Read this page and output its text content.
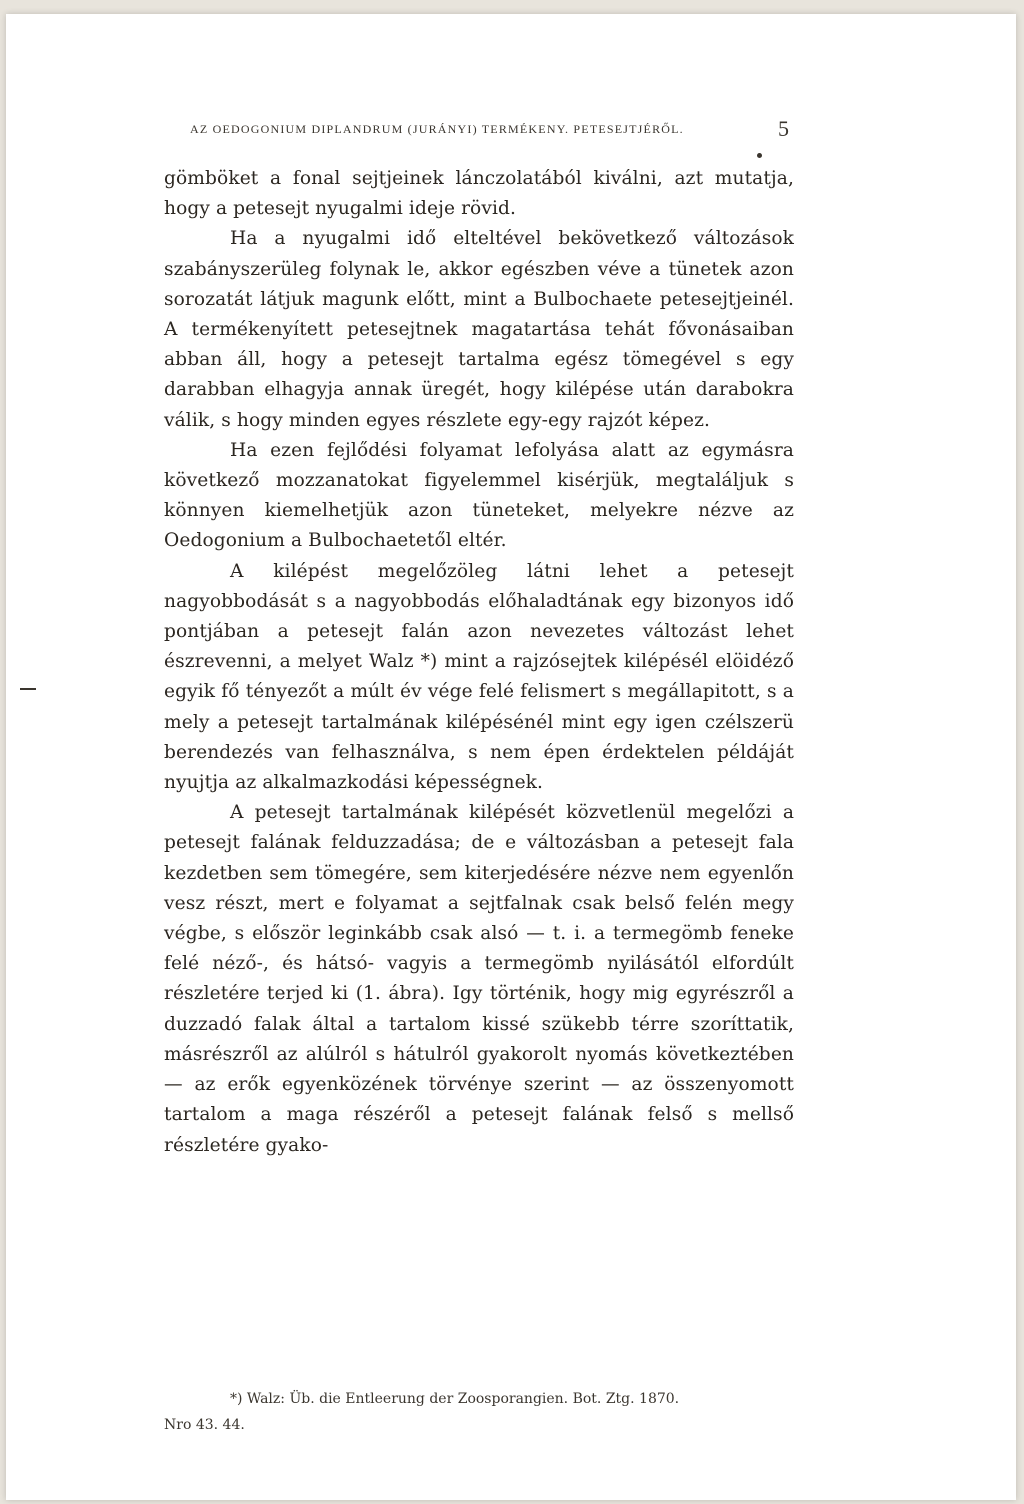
AZ OEDOGONIUM DIPLANDRUM (JURÁNYI) TERMÉKENY. PETESEJTJÉRŐL.	5

gömböket a fonal sejtjeinek lánczolatából kiválni, azt mutatja, hogy a petesejt nyugalmi ideje rövid.

Ha a nyugalmi idő elteltével bekövetkező változások szabányszerüleg folynak le, akkor egészben véve a tünetek azon sorozatát látjuk magunk előtt, mint a Bulbochaete petesejtjeinél. A termékenyített petesejtnek magatartása tehát fővonásaiban abban áll, hogy a petesejt tartalma egész tömegével s egy darabban elhagyja annak üregét, hogy kilépése után darabokra válik, s hogy minden egyes részlete egy-egy rajzót képez.

Ha ezen fejlődési folyamat lefolyása alatt az egymásra következő mozzanatokat figyelemmel kisérjük, megtaláljuk s könnyen kiemelhetjük azon tüneteket, melyekre nézve az Oedogonium a Bulbochaetetől eltér.

A kilépést megelőzöleg látni lehet a petesejt nagyobbodását s a nagyobbodás előhaladtának egy bizonyos idő pontjában a petesejt falán azon nevezetes változást lehet észrevenni, a melyet Walz *) mint a rajzósejtek kilépésél elöidéző egyik fő tényezőt a múlt év vége felé felismert s megállapitott, s a mely a petesejt tartalmának kilépésénél mint egy igen czélszerü berendezés van felhasználva, s nem épen érdektelen példáját nyujtja az alkalmazkodási képességnek.

A petesejt tartalmának kilépését közvetlenül megelőzi a petesejt falának felduzzadása; de e változásban a petesejt fala kezdetben sem tömegére, sem kiterjedésére nézve nem egyenlőn vesz részt, mert e folyamat a sejtfalnak csak belső felén megy végbe, s először leginkább csak alsó — t. i. a termegömb feneke felé néző-, és hátsó- vagyis a termegömb nyilásától elfordúlt részletére terjed ki (1. ábra). Igy történik, hogy mig egyrészről a duzzadó falak által a tartalom kissé szükebb térre szoríttatik, másrészről az alúlról s hátulról gyakorolt nyomás következtében — az erők egyenközének törvénye szerint — az összenyomott tartalom a maga részéről a petesejt falának felső s mellső részletére gyako-

*) Walz: Üb. die Entleerung der Zoosporangien. Bot. Ztg. 1870.
Nro 43. 44.
